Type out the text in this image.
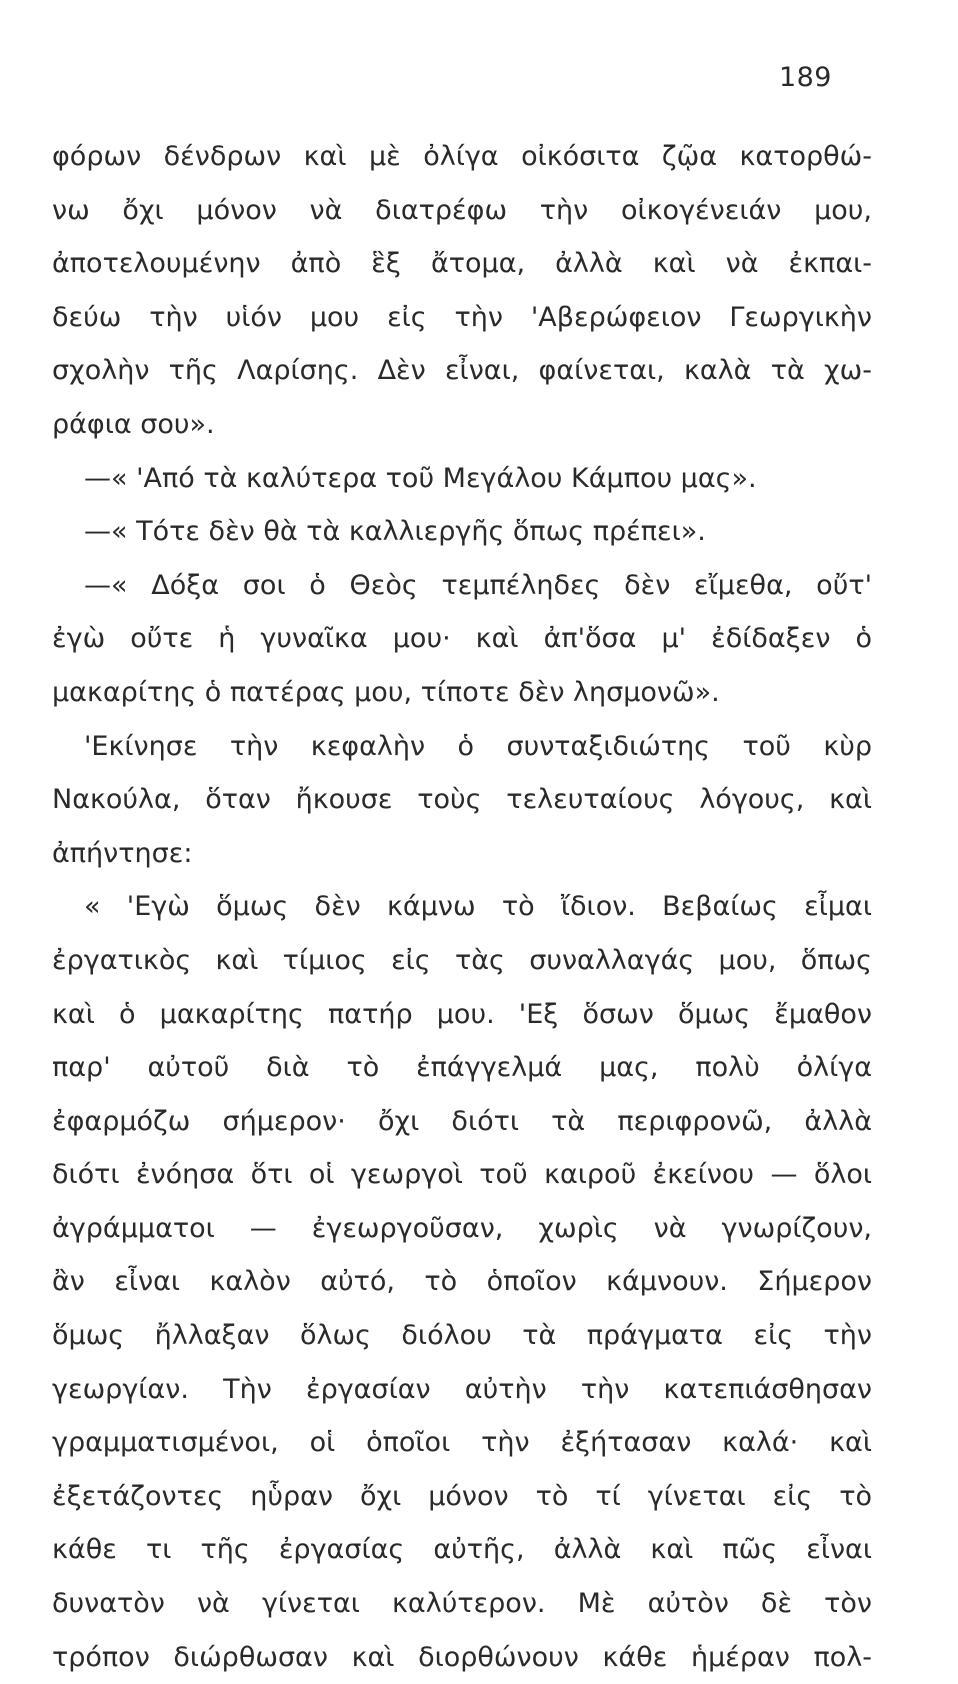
189
φόρων δένδρων καὶ μὲ ὀλίγα οἰκόσιτα ζῷα κατορθώ-
νω ὄχι μόνον νὰ διατρέφω τὴν οἰκογένειάν μου,
ἀποτελουμένην ἀπὸ ἓξ ἄτομα, ἀλλὰ καὶ νὰ ἐκπαι-
δεύω τὴν υἱόν μου εἰς τὴν 'Αβερώφειον Γεωργικὴν
σχολὴν τῆς Λαρίσης. Δὲν εἶναι, φαίνεται, καλὰ τὰ χω-
ράφια σου».
—« 'Από τὰ καλύτερα τοῦ Μεγάλου Κάμπου μας».
—« Τότε δὲν θὰ τὰ καλλιεργῆς ὅπως πρέπει».
—« Δόξα σοι ὁ Θεὸς τεμπέληδες δὲν εἴμεθα, οὔτ'
ἐγὼ οὔτε ἡ γυναῖκα μου· καὶ ἀπ'ὅσα μ' ἐδίδαξεν ὁ
μακαρίτης ὁ πατέρας μου, τίποτε δὲν λησμονῶ».
'Εκίνησε τὴν κεφαλὴν ὁ συνταξιδιώτης τοῦ κὺρ
Νακούλα, ὅταν ἤκουσε τοὺς τελευταίους λόγους, καὶ
ἀπήντησε:
« 'Εγὼ ὅμως δὲν κάμνω τὸ ἴδιον. Βεβαίως εἶμαι
ἐργατικὸς καὶ τίμιος εἰς τὰς συναλλαγάς μου, ὅπως
καὶ ὁ μακαρίτης πατήρ μου. 'Εξ ὅσων ὅμως ἔμαθον
παρ' αὐτοῦ διὰ τὸ ἐπάγγελμά μας, πολὺ ὀλίγα
ἐφαρμόζω σήμερον· ὄχι διότι τὰ περιφρονῶ, ἀλλὰ
διότι ἐνόησα ὅτι οἱ γεωργοὶ τοῦ καιροῦ ἐκείνου — ὅλοι
ἀγράμματοι — ἐγεωργοῦσαν, χωρὶς νὰ γνωρίζουν,
ἂν εἶναι καλὸν αὐτό, τὸ ὁποῖον κάμνουν. Σήμερον
ὅμως ἤλλαξαν ὅλως διόλου τὰ πράγματα εἰς τὴν
γεωργίαν. Τὴν ἐργασίαν αὐτὴν τὴν κατεπιάσθησαν
γραμματισμένοι, οἱ ὁποῖοι τὴν ἐξήτασαν καλά· καὶ
ἐξετάζοντες ηὗραν ὄχι μόνον τὸ τί γίνεται εἰς τὸ
κάθε τι τῆς ἐργασίας αὐτῆς, ἀλλὰ καὶ πῶς εἶναι
δυνατὸν νὰ γίνεται καλύτερον. Μὲ αὐτὸν δὲ τὸν
τρόπον διώρθωσαν καὶ διορθώνουν κάθε ἡμέραν πολ-
